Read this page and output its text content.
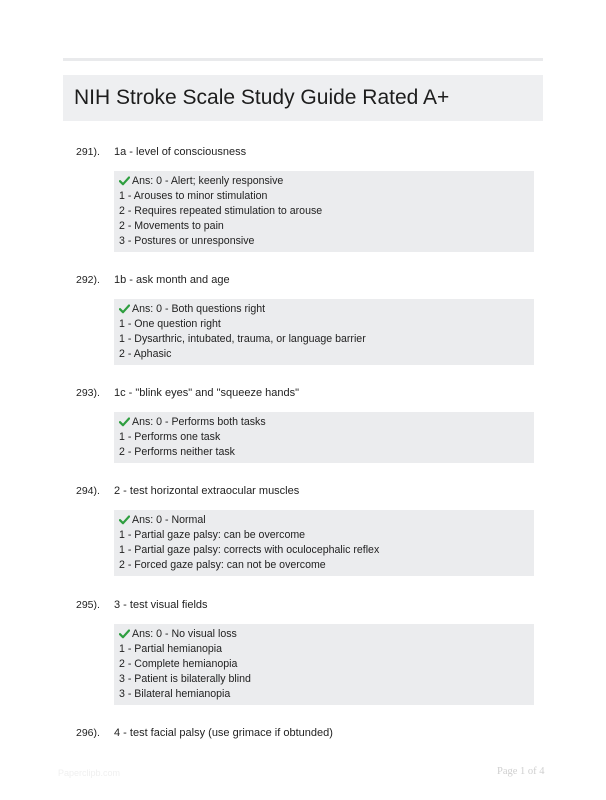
NIH Stroke Scale Study Guide Rated A+
291). 1a - level of consciousness
Ans: 0 - Alert; keenly responsive
1 - Arouses to minor stimulation
2 - Requires repeated stimulation to arouse
2 - Movements to pain
3 - Postures or unresponsive
292). 1b - ask month and age
Ans: 0 - Both questions right
1 - One question right
1 - Dysarthric, intubated, trauma, or language barrier
2 - Aphasic
293). 1c - "blink eyes" and "squeeze hands"
Ans: 0 - Performs both tasks
1 - Performs one task
2 - Performs neither task
294). 2 - test horizontal extraocular muscles
Ans: 0 - Normal
1 - Partial gaze palsy: can be overcome
1 - Partial gaze palsy: corrects with oculocephalic reflex
2 - Forced gaze palsy: can not be overcome
295). 3 - test visual fields
Ans: 0 - No visual loss
1 - Partial hemianopia
2 - Complete hemianopia
3 - Patient is bilaterally blind
3 - Bilateral hemianopia
296). 4 - test facial palsy (use grimace if obtunded)
Paperclipb.com	Page 1 of 4
